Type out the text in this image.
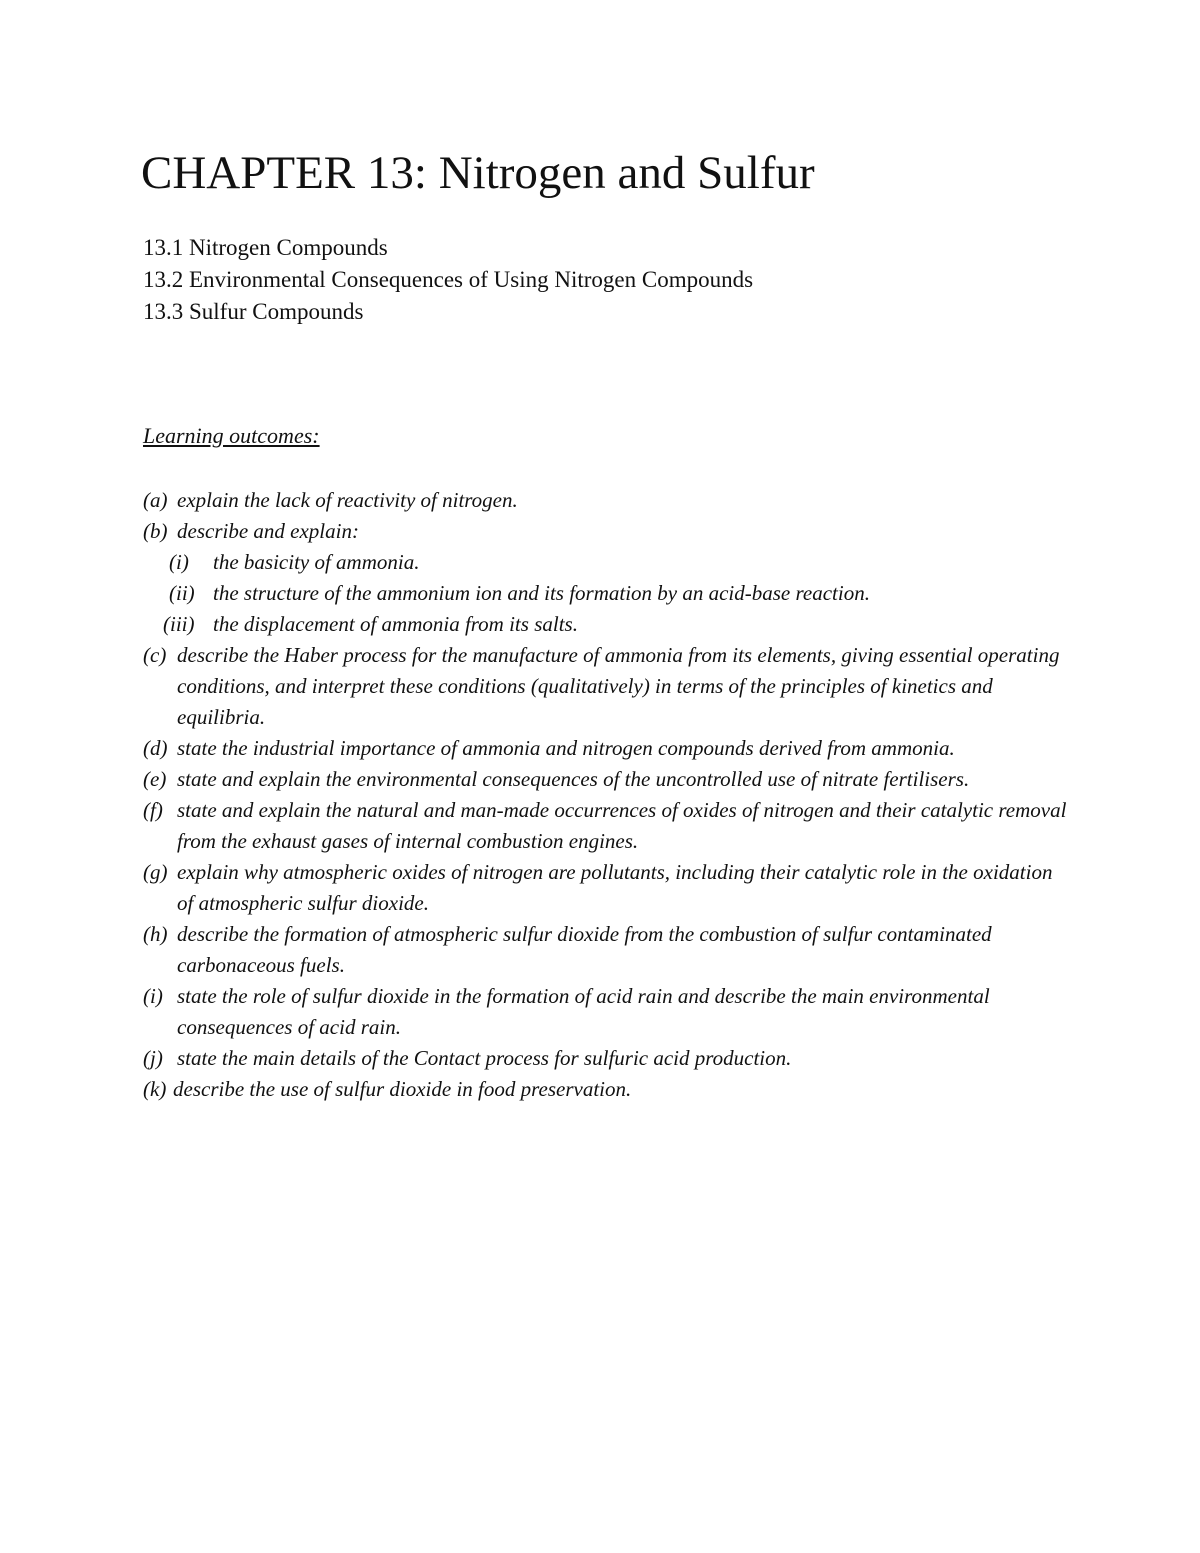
CHAPTER 13: Nitrogen and Sulfur
13.1 Nitrogen Compounds
13.2 Environmental Consequences of Using Nitrogen Compounds
13.3 Sulfur Compounds
Learning outcomes:
(a) explain the lack of reactivity of nitrogen.
(b) describe and explain:
(i) the basicity of ammonia.
(ii) the structure of the ammonium ion and its formation by an acid-base reaction.
(iii) the displacement of ammonia from its salts.
(c) describe the Haber process for the manufacture of ammonia from its elements, giving essential operating conditions, and interpret these conditions (qualitatively) in terms of the principles of kinetics and equilibria.
(d) state the industrial importance of ammonia and nitrogen compounds derived from ammonia.
(e) state and explain the environmental consequences of the uncontrolled use of nitrate fertilisers.
(f) state and explain the natural and man-made occurrences of oxides of nitrogen and their catalytic removal from the exhaust gases of internal combustion engines.
(g) explain why atmospheric oxides of nitrogen are pollutants, including their catalytic role in the oxidation of atmospheric sulfur dioxide.
(h) describe the formation of atmospheric sulfur dioxide from the combustion of sulfur contaminated carbonaceous fuels.
(i) state the role of sulfur dioxide in the formation of acid rain and describe the main environmental consequences of acid rain.
(j) state the main details of the Contact process for sulfuric acid production.
(k) describe the use of sulfur dioxide in food preservation.
